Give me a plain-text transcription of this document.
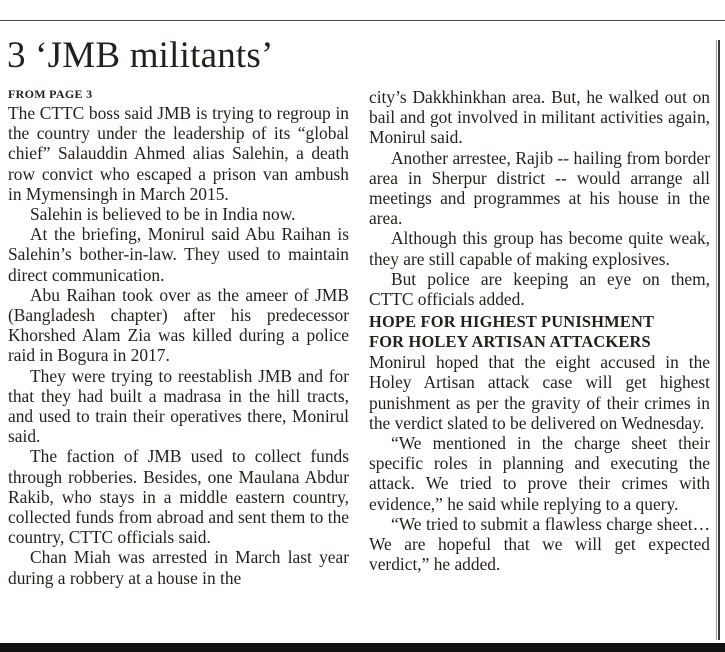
3 ‘JMB militants’
FROM PAGE 3

The CTTC boss said JMB is trying to regroup in the country under the leadership of its “global chief” Salauddin Ahmed alias Salehin, a death row convict who escaped a prison van ambush in Mymensingh in March 2015.

Salehin is believed to be in India now.

At the briefing, Monirul said Abu Raihan is Salehin’s bother-in-law. They used to maintain direct communication.

Abu Raihan took over as the ameer of JMB (Bangladesh chapter) after his predecessor Khorshed Alam Zia was killed during a police raid in Bogura in 2017.

They were trying to reestablish JMB and for that they had built a madrasa in the hill tracts, and used to train their operatives there, Monirul said.

The faction of JMB used to collect funds through robberies. Besides, one Maulana Abdur Rakib, who stays in a middle eastern country, collected funds from abroad and sent them to the country, CTTC officials said.

Chan Miah was arrested in March last year during a robbery at a house in the

city’s Dakkhinkhan area. But, he walked out on bail and got involved in militant activities again, Monirul said.

Another arrestee, Rajib -- hailing from border area in Sherpur district -- would arrange all meetings and programmes at his house in the area.

Although this group has become quite weak, they are still capable of making explosives.

But police are keeping an eye on them, CTTC officials added.

HOPE FOR HIGHEST PUNISHMENT
FOR HOLEY ARTISAN ATTACKERS

Monirul hoped that the eight accused in the Holey Artisan attack case will get highest punishment as per the gravity of their crimes in the verdict slated to be delivered on Wednesday.

“We mentioned in the charge sheet their specific roles in planning and executing the attack. We tried to prove their crimes with evidence,” he said while replying to a query.

“We tried to submit a flawless charge sheet… We are hopeful that we will get expected verdict,” he added.
